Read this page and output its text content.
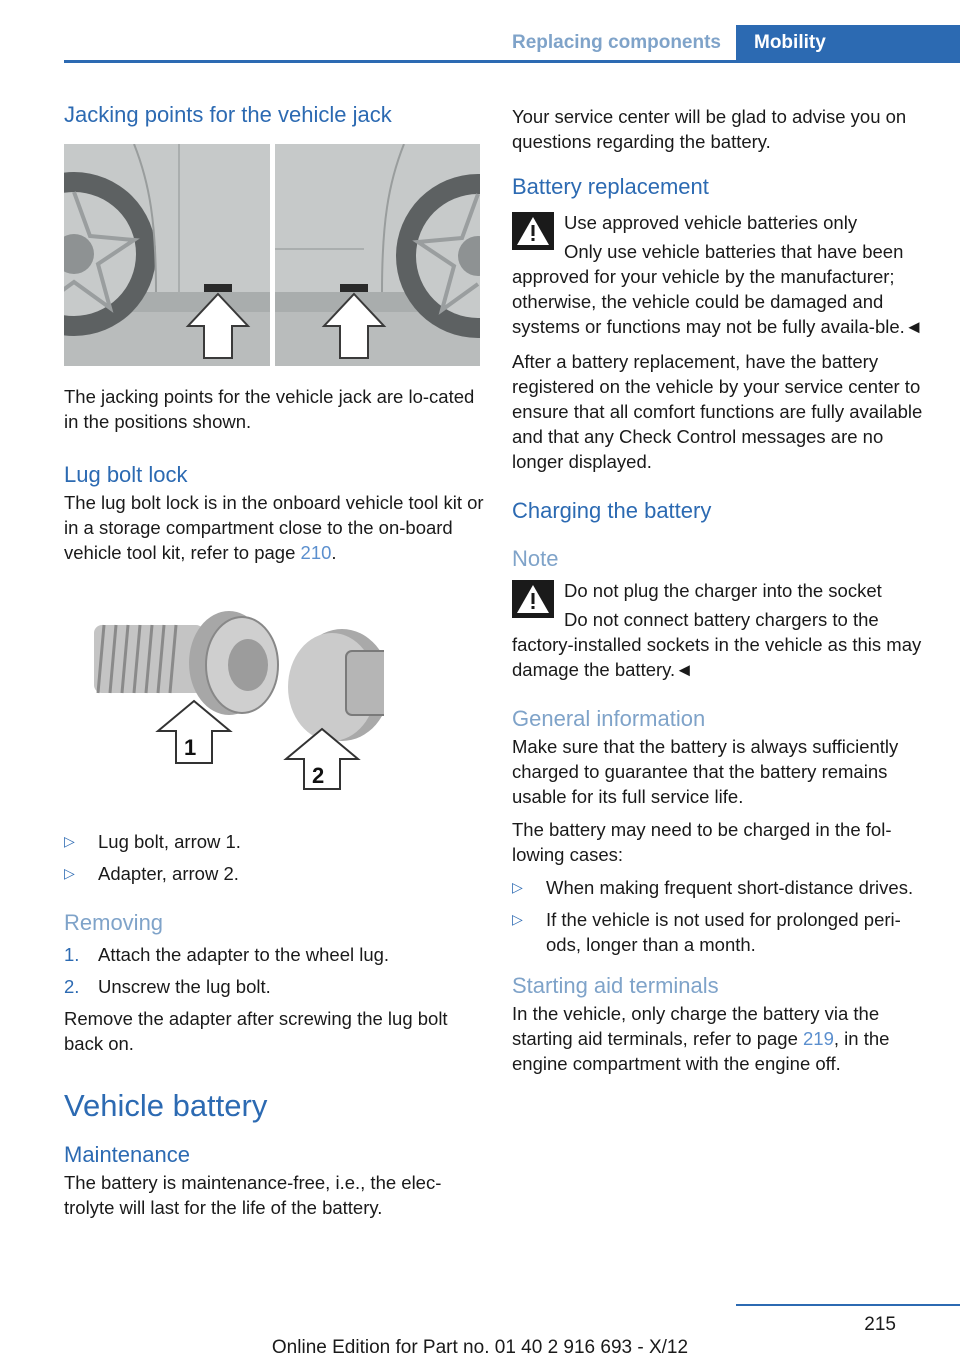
Replacing components	Mobility
Jacking points for the vehicle jack

The jacking points for the vehicle jack are lo‐cated in the positions shown.

Lug bolt lock

The lug bolt lock is in the onboard vehicle tool kit or in a storage compartment close to the on‐board vehicle tool kit, refer to page 210.

1
2
▷ Lug bolt, arrow 1.
▷ Adapter, arrow 2.
Removing
1. Attach the adapter to the wheel lug.
2. Unscrew the lug bolt.

Remove the adapter after screwing the lug bolt back on.

Vehicle battery
Maintenance

The battery is maintenance-free, i.e., the elec‐trolyte will last for the life of the battery.

Your service center will be glad to advise you on questions regarding the battery.

Battery replacement

Use approved vehicle batteries only

Only use vehicle batteries that have been approved for your vehicle by the manufacturer; otherwise, the vehicle could be damaged and systems or functions may not be fully availa‐ble.◄

After a battery replacement, have the battery registered on the vehicle by your service center to ensure that all comfort functions are fully available and that any Check Control messages are no longer displayed.

Charging the battery
Note

Do not plug the charger into the socket

Do not connect battery chargers to the factory-installed sockets in the vehicle as this may damage the battery.◄

General information

Make sure that the battery is always sufficiently charged to guarantee that the battery remains usable for its full service life.

The battery may need to be charged in the fol‐lowing cases:

▷ When making frequent short-distance drives.
▷ If the vehicle is not used for prolonged peri‐ods, longer than a month.
Starting aid terminals

In the vehicle, only charge the battery via the starting aid terminals, refer to page 219, in the engine compartment with the engine off.

215
Online Edition for Part no. 01 40 2 916 693 - X/12
